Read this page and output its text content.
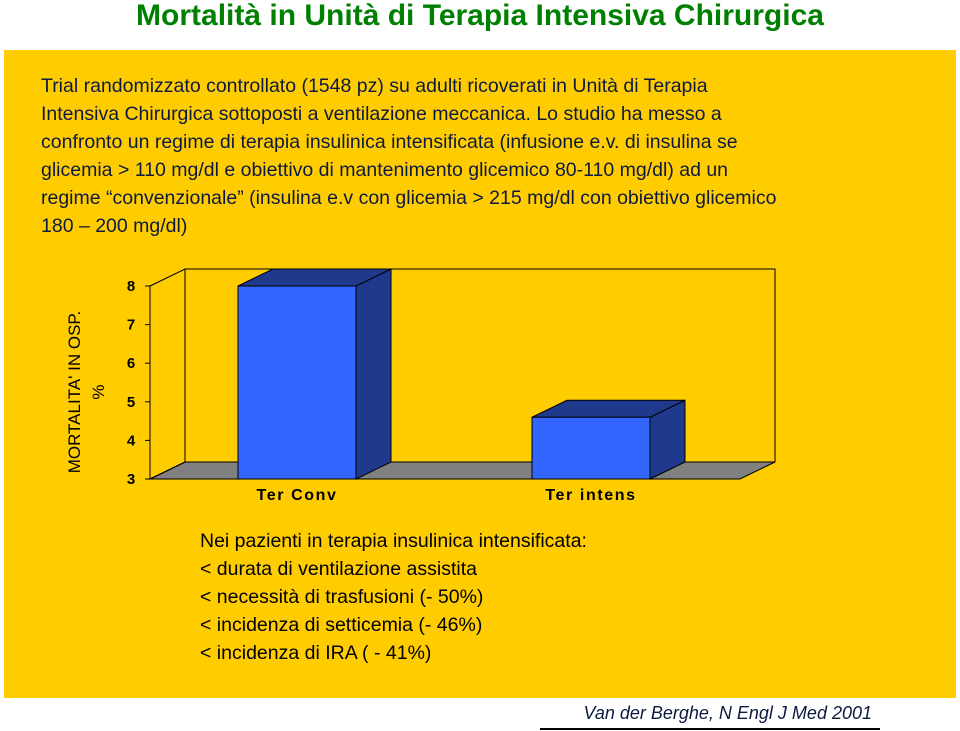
Mortalità in Unità di Terapia Intensiva Chirurgica

Trial randomizzato controllato (1548 pz) su adulti ricoverati in Unità di Terapia

Intensiva Chirurgica sottoposti a ventilazione meccanica. Lo studio ha messo a

confronto un regime di terapia insulinica intensificata (infusione e.v. di insulina se

glicemia > 110 mg/dl e obiettivo di mantenimento glicemico 80-110 mg/dl) ad un

regime “convenzionale” (insulina e.v con glicemia > 215 mg/dl con obiettivo glicemico

180 – 200 mg/dl)

3
4
5
6
7
8
Ter Conv	Ter intens
MORTALITA' IN OSP. %
Nei pazienti in terapia insulinica intensificata:
< durata di ventilazione assistita
< necessità di trasfusioni (- 50%)
< incidenza di setticemia (- 46%)
< incidenza di IRA ( - 41%)
Van der Berghe, N Engl J Med 2001
